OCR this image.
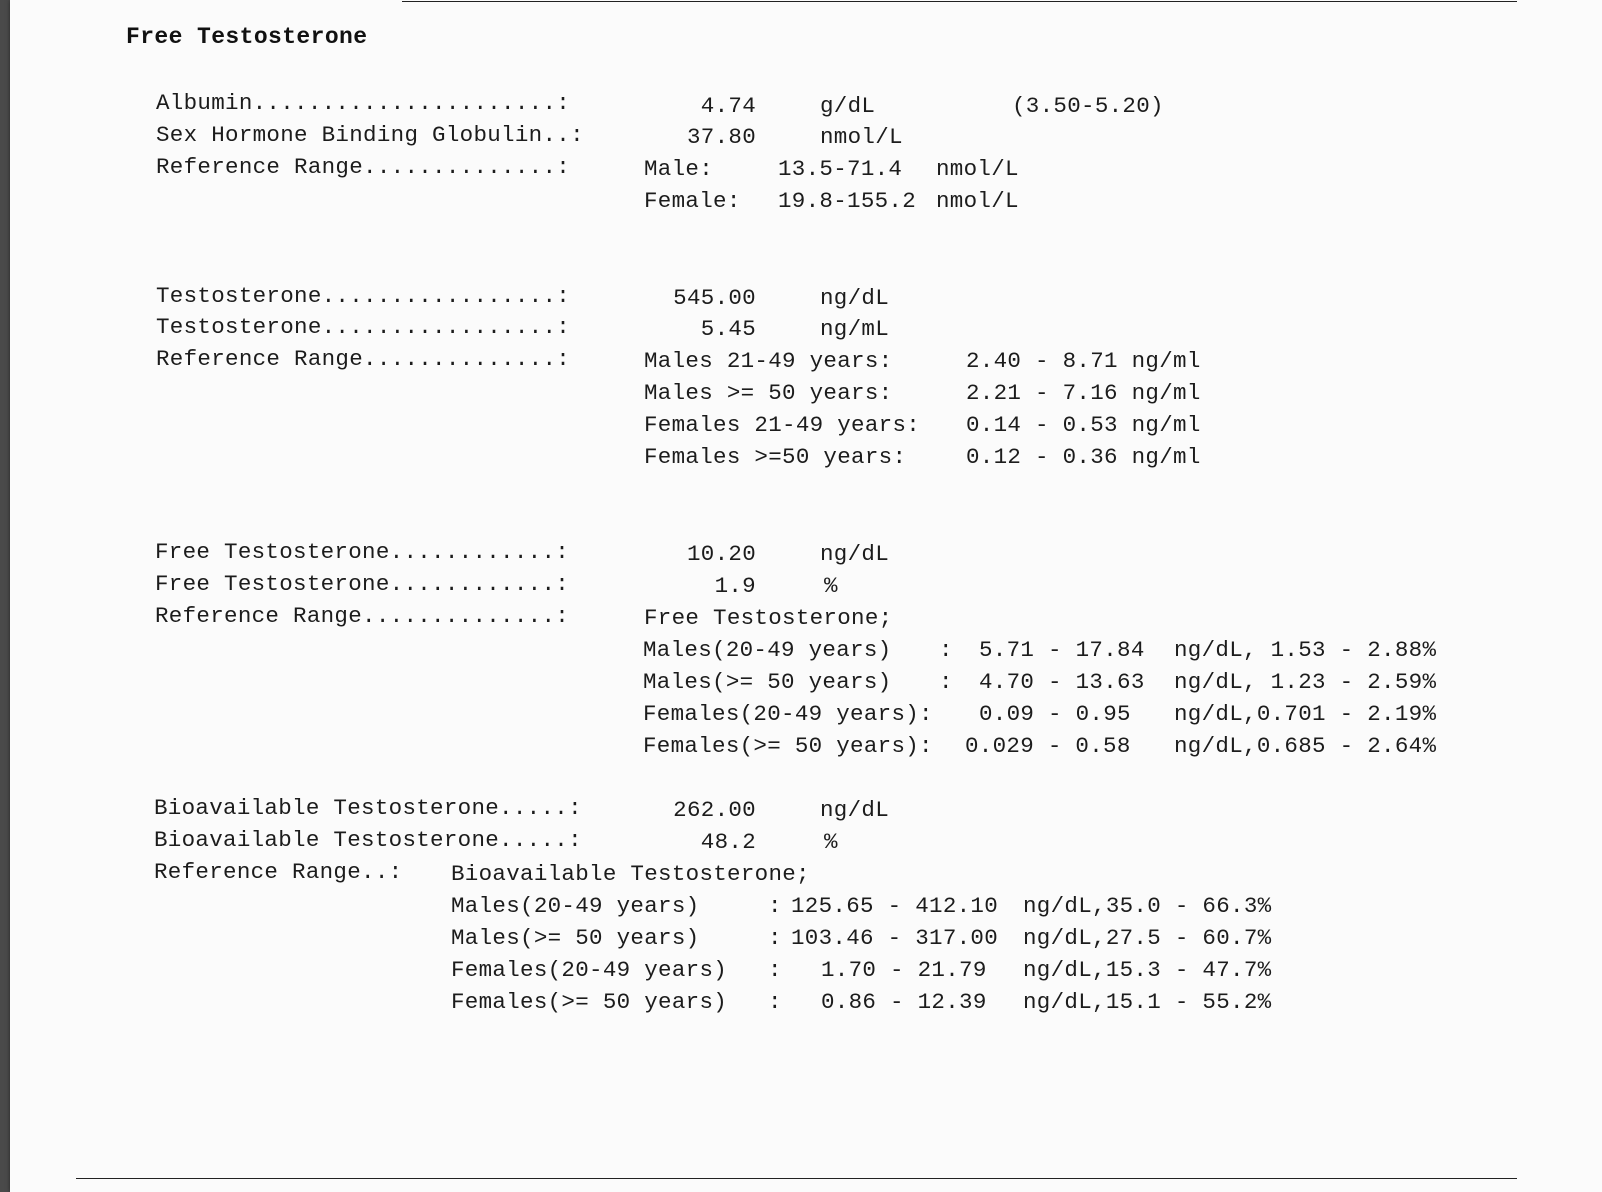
Free Testosterone
Albumin......................:	4.74	g/dL	(3.50-5.20)
Sex Hormone Binding Globulin..:	37.80	nmol/L
Reference Range..............:	Male:	13.5-71.4 nmol/L
Female: 19.8-155.2 nmol/L
Testosterone.................:	545.00	ng/dL
Testosterone.................:	5.45	ng/mL
Reference Range..............:	Males 21-49 years:	2.40 - 8.71 ng/ml
Males >= 50 years:	2.21 - 7.16 ng/ml
Females 21-49 years: 0.14 - 0.53 ng/ml
Females >=50 years:	0.12 - 0.36 ng/ml
Free Testosterone............:	10.20	ng/dL
Free Testosterone............:	1.9	%
Reference Range..............:	Free Testosterone;
Males(20-49 years) : 5.71 - 17.84 ng/dL, 1.53 - 2.88%
Males(>= 50 years) : 4.70 - 13.63 ng/dL, 1.23 - 2.59%
Females(20-49 years): 0.09 - 0.95 ng/dL,0.701 - 2.19%
Females(>= 50 years): 0.029 - 0.58 ng/dL,0.685 - 2.64%
Bioavailable Testosterone.....:	262.00	ng/dL
Bioavailable Testosterone.....:	48.2	%
Reference Range..: Bioavailable Testosterone;
Males(20-49 years)	: 125.65 - 412.10 ng/dL,35.0 - 66.3%
Males(>= 50 years)	: 103.46 - 317.00 ng/dL,27.5 - 60.7%
Females(20-49 years) : 1.70 - 21.79 ng/dL,15.3 - 47.7%
Females(>= 50 years) : 0.86 - 12.39 ng/dL,15.1 - 55.2%
